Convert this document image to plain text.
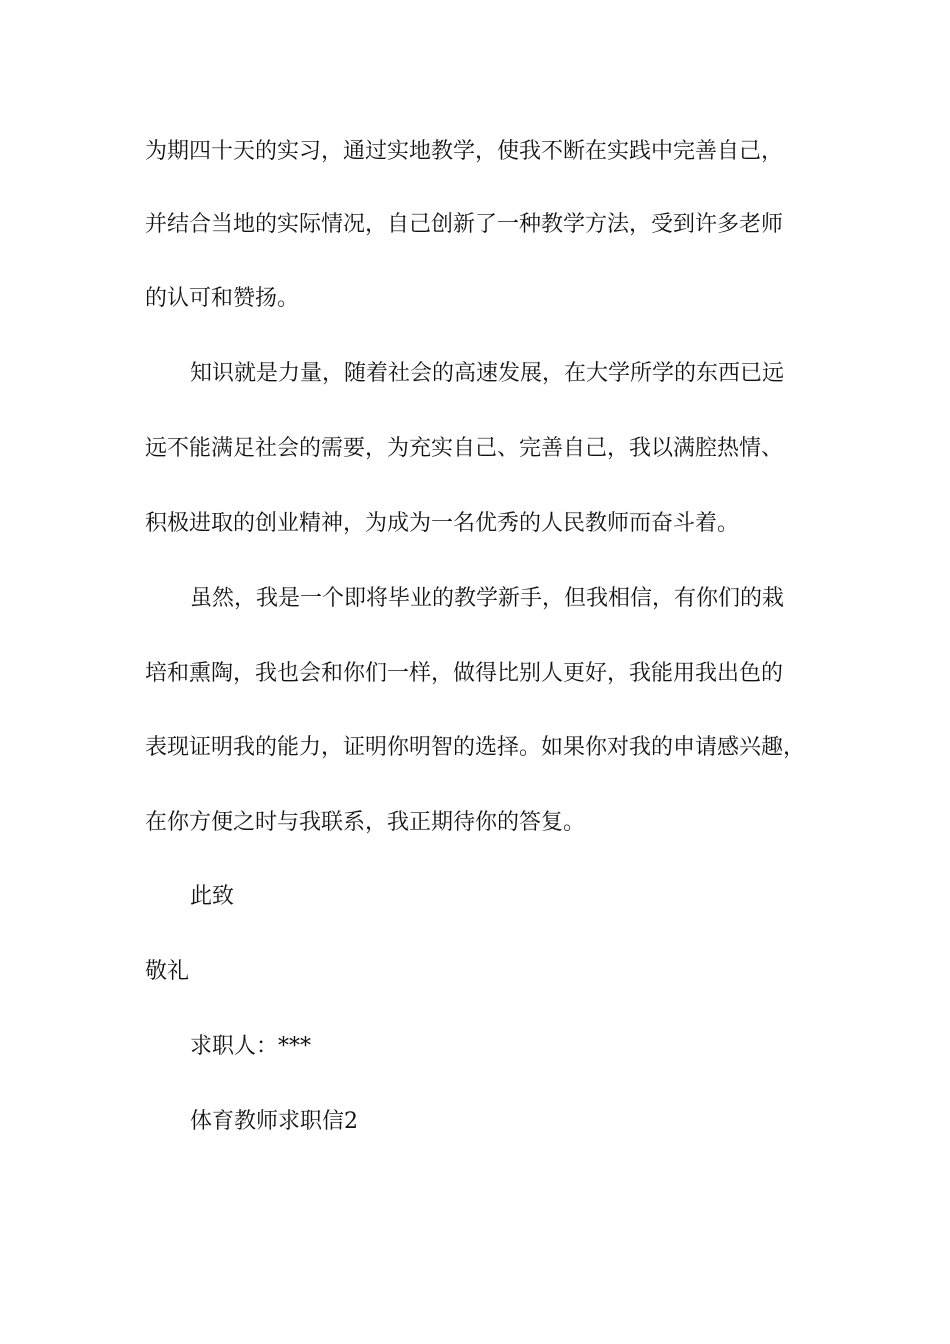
为期四十天的实习，通过实地教学，使我不断在实践中完善自己，
并结合当地的实际情况，自己创新了一种教学方法，受到许多老师
的认可和赞扬。
知识就是力量，随着社会的高速发展，在大学所学的东西已远
远不能满足社会的需要，为充实自己、完善自己，我以满腔热情、
积极进取的创业精神，为成为一名优秀的人民教师而奋斗着。
虽然，我是一个即将毕业的教学新手，但我相信，有你们的栽
培和熏陶，我也会和你们一样，做得比别人更好，我能用我出色的
表现证明我的能力，证明你明智的选择。如果你对我的申请感兴趣，
在你方便之时与我联系，我正期待你的答复。
此致
敬礼
求职人：***
体育教师求职信2
